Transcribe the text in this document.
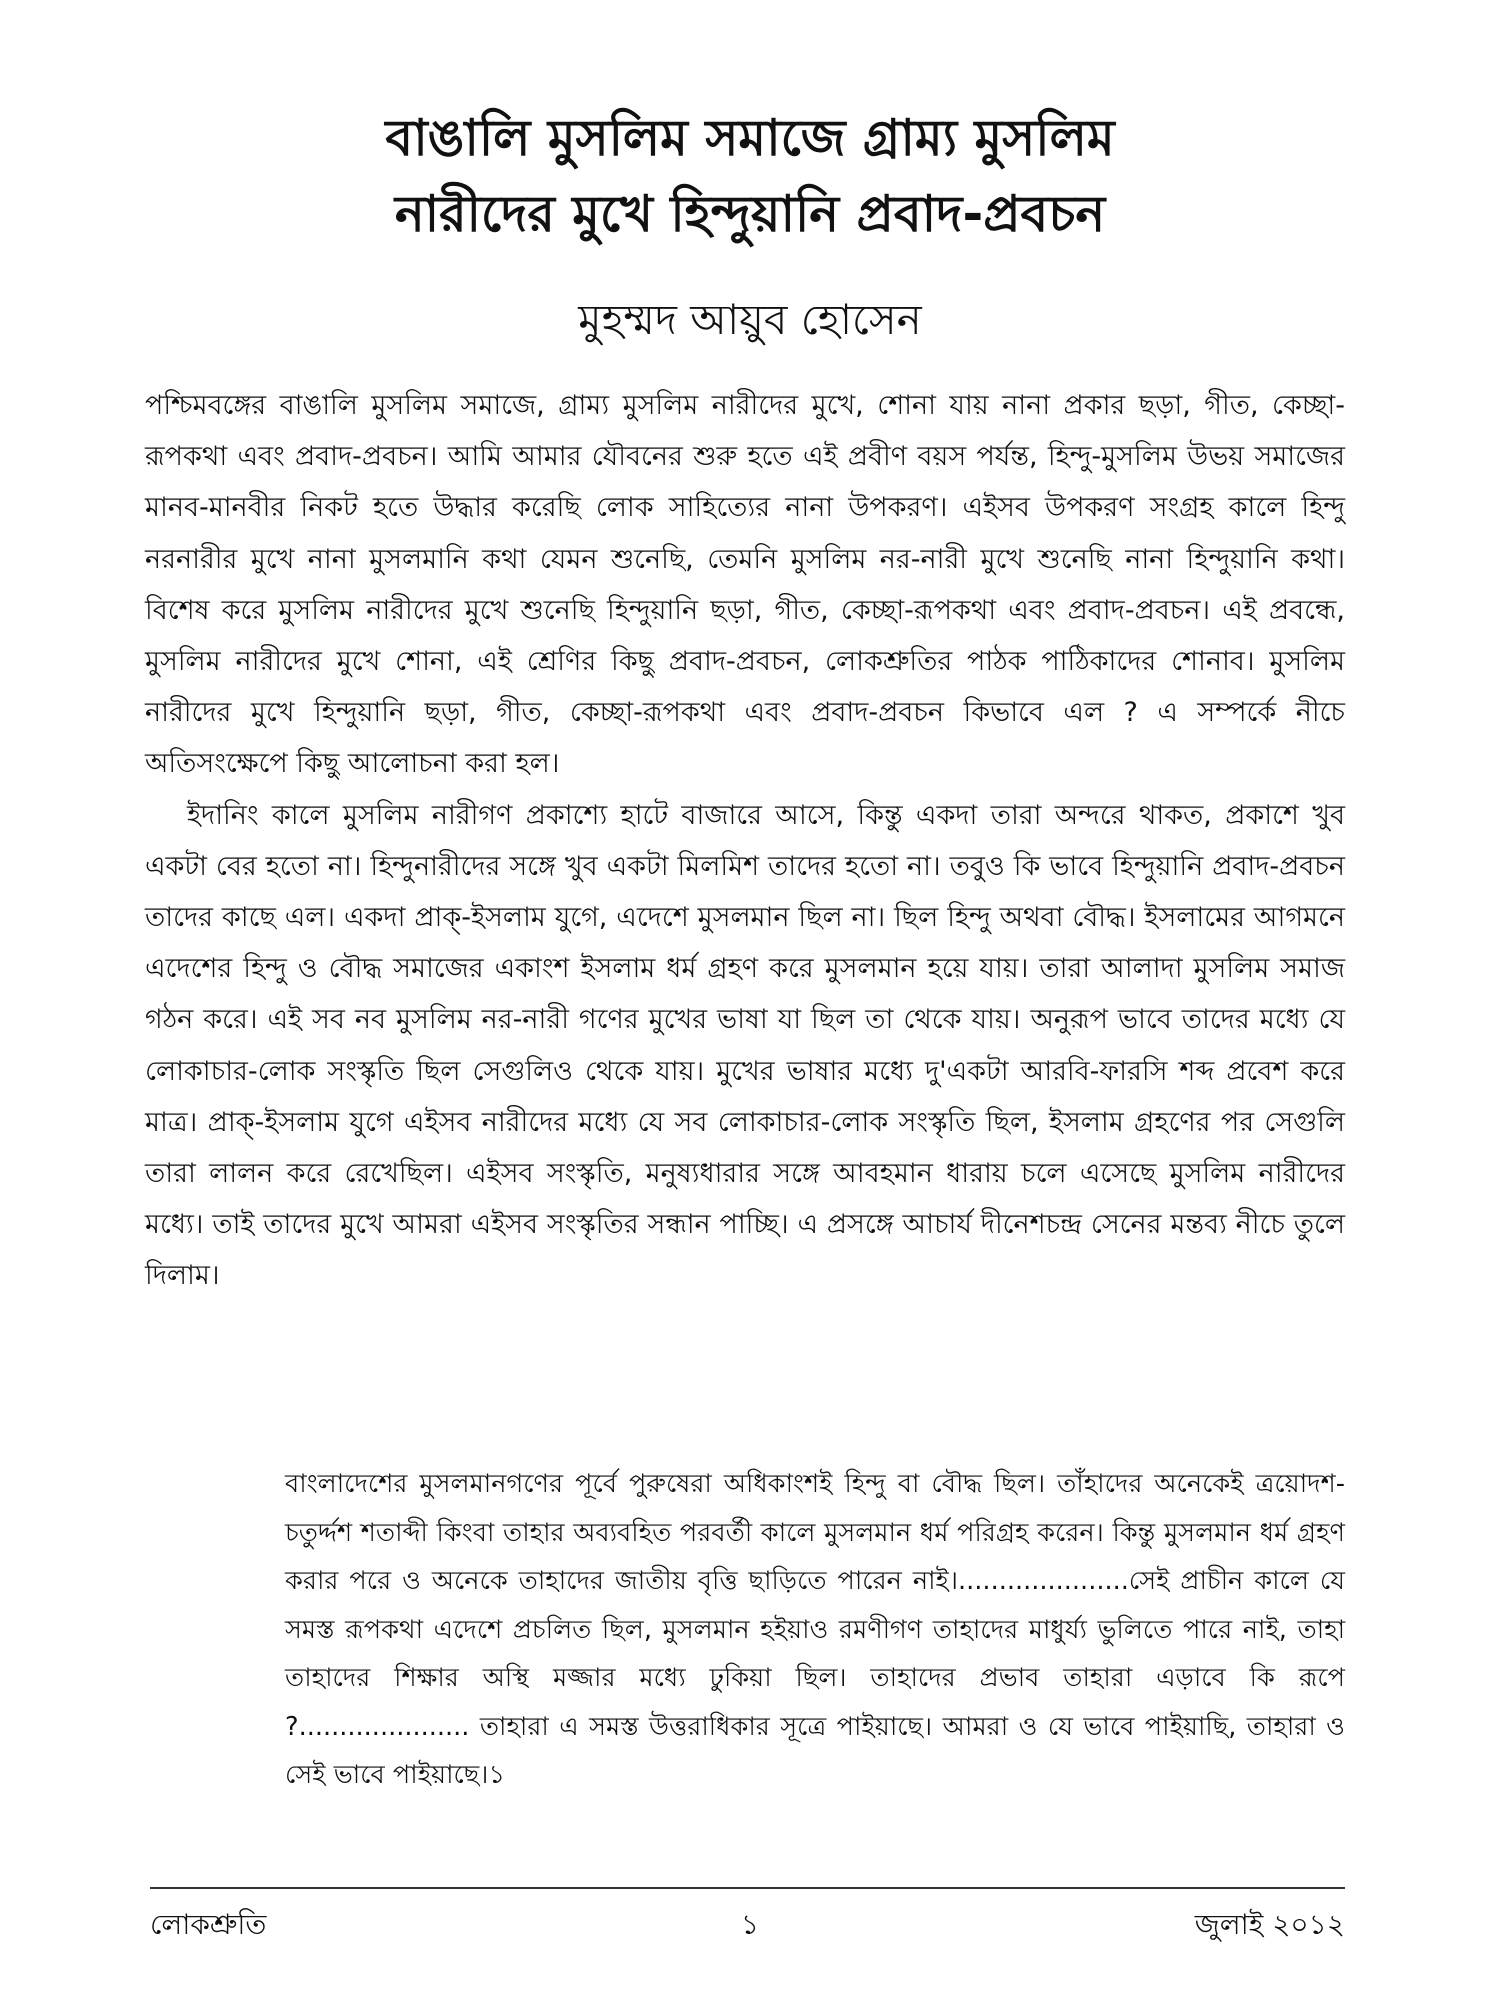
বাঙালি মুসলিম সমাজে গ্রাম্য মুসলিম
নারীদের মুখে হিন্দুয়ানি প্রবাদ-প্রবচন
মুহম্মদ আয়ুব হোসেন

পশ্চিমবঙ্গের বাঙালি মুসলিম সমাজে, গ্রাম্য মুসলিম নারীদের মুখে, শোনা যায় নানা প্রকার ছড়া, গীত, কেচ্ছা-রূপকথা এবং প্রবাদ-প্রবচন। আমি আমার যৌবনের শুরু হতে এই প্রবীণ বয়স পর্যন্ত, হিন্দু-মুসলিম উভয় সমাজের মানব-মানবীর নিকট হতে উদ্ধার করেছি লোক সাহিত্যের নানা উপকরণ। এইসব উপকরণ সংগ্রহ কালে হিন্দু নরনারীর মুখে নানা মুসলমানি কথা যেমন শুনেছি, তেমনি মুসলিম নর-নারী মুখে শুনেছি নানা হিন্দুয়ানি কথা। বিশেষ করে মুসলিম নারীদের মুখে শুনেছি হিন্দুয়ানি ছড়া, গীত, কেচ্ছা-রূপকথা এবং প্রবাদ-প্রবচন। এই প্রবন্ধে, মুসলিম নারীদের মুখে শোনা, এই শ্রেণির কিছু প্রবাদ-প্রবচন, লোকশ্রুতির পাঠক পাঠিকাদের শোনাব। মুসলিম নারীদের মুখে হিন্দুয়ানি ছড়া, গীত, কেচ্ছা-রূপকথা এবং প্রবাদ-প্রবচন কিভাবে এল ? এ সম্পর্কে নীচে অতিসংক্ষেপে কিছু আলোচনা করা হল।

ইদানিং কালে মুসলিম নারীগণ প্রকাশ্যে হাটে বাজারে আসে, কিন্তু একদা তারা অন্দরে থাকত, প্রকাশে খুব একটা বের হতো না। হিন্দুনারীদের সঙ্গে খুব একটা মিলমিশ তাদের হতো না। তবুও কি ভাবে হিন্দুয়ানি প্রবাদ-প্রবচন তাদের কাছে এল। একদা প্রাক্-ইসলাম যুগে, এদেশে মুসলমান ছিল না। ছিল হিন্দু অথবা বৌদ্ধ। ইসলামের আগমনে এদেশের হিন্দু ও বৌদ্ধ সমাজের একাংশ ইসলাম ধর্ম গ্রহণ করে মুসলমান হয়ে যায়। তারা আলাদা মুসলিম সমাজ গঠন করে। এই সব নব মুসলিম নর-নারী গণের মুখের ভাষা যা ছিল তা থেকে যায়। অনুরূপ ভাবে তাদের মধ্যে যে লোকাচার-লোক সংস্কৃতি ছিল সেগুলিও থেকে যায়। মুখের ভাষার মধ্যে দু'একটা আরবি-ফারসি শব্দ প্রবেশ করে মাত্র। প্রাক্-ইসলাম যুগে এইসব নারীদের মধ্যে যে সব লোকাচার-লোক সংস্কৃতি ছিল, ইসলাম গ্রহণের পর সেগুলি তারা লালন করে রেখেছিল। এইসব সংস্কৃতি, মনুষ্যধারার সঙ্গে আবহমান ধারায় চলে এসেছে মুসলিম নারীদের মধ্যে। তাই তাদের মুখে আমরা এইসব সংস্কৃতির সন্ধান পাচ্ছি। এ প্রসঙ্গে আচার্য দীনেশচন্দ্র সেনের মন্তব্য নীচে তুলে দিলাম।

বাংলাদেশের মুসলমানগণের পূর্বে পুরুষেরা অধিকাংশই হিন্দু বা বৌদ্ধ ছিল। তাঁহাদের অনেকেই ত্রয়োদশ-চতুর্দ্দশ শতাব্দী কিংবা তাহার অব্যবহিত পরবর্তী কালে মুসলমান ধর্ম পরিগ্রহ করেন। কিন্তু মুসলমান ধর্ম গ্রহণ করার পরে ও অনেকে তাহাদের জাতীয় বৃত্তি ছাড়িতে পারেন নাই।.....................সেই প্রাচীন কালে যে সমস্ত রূপকথা এদেশে প্রচলিত ছিল, মুসলমান হইয়াও রমণীগণ তাহাদের মাধুর্য্য ভুলিতে পারে নাই, তাহা তাহাদের শিক্ষার অস্থি মজ্জার মধ্যে ঢুকিয়া ছিল। তাহাদের প্রভাব তাহারা এড়াবে কি রূপে ?..................... তাহারা এ সমস্ত উত্তরাধিকার সূত্রে পাইয়াছে। আমরা ও যে ভাবে পাইয়াছি, তাহারা ও সেই ভাবে পাইয়াছে।১

লোকশ্রুতি	১	জুলাই ২০১২
